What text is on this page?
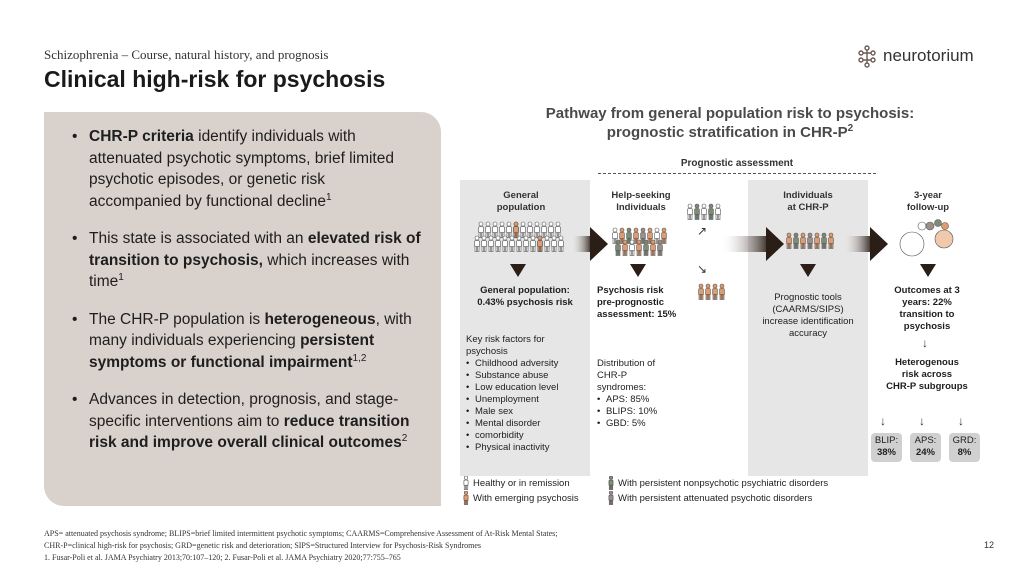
Schizophrenia – Course, natural history, and prognosis
Clinical high-risk for psychosis
neurotorium
• CHR-P criteria identify individuals with attenuated psychotic symptoms, brief limited psychotic episodes, or genetic risk accompanied by functional decline$^1$
• This state is associated with an elevated risk of transition to psychosis, which increases with time$^1$
• The CHR-P population is heterogeneous, with many individuals experiencing persistent symptoms or functional impairment$^{1,2}$
• Advances in detection, prognosis, and stage-specific interventions aim to reduce transition risk and improve overall clinical outcomes$^2$
Pathway from general population risk to psychosis:
prognostic stratification in CHR-$P^2$
Prognostic assessment
General
population
Help-seeking
Individuals
Individuals
at CHR-P
3-year
follow-up
↗
↘
General population:
0.43% psychosis risk
Key risk factors for
psychosis
• Childhood adversity
• Substance abuse
• Low education level
• Unemployment
• Male sex
• Mental disorder
• comorbidity
• Physical inactivity
Psychosis risk
pre-prognostic
assessment: 15%
Distribution of
CHR-P
syndromes:
• APS: 85%
• BLIPS: 10%
• GBD: 5%
Prognostic tools
(CAARMS/SIPS)
increase identification
accuracy
Outcomes at 3
years: 22%
transition to
psychosis
↓
Heterogenous
risk across
CHR-P subgroups
↓	↓	↓
BLIP:
38%
APS:
24%
GRD:
8%
Healthy or in remission	With persistent nonpsychotic psychiatric disorders
With emerging psychosis	With persistent attenuated psychotic disorders
APS= attenuated psychosis syndrome; BLIPS=brief limited intermittent psychotic symptoms; CAARMS=Comprehensive Assessment of At-Risk Mental States;
CHR-P=clinical high-risk for psychosis; GRD=genetic risk and deterioration; SIPS=Structured Interview for Psychosis-Risk Syndromes
1. Fusar-Poli et al. JAMA Psychiatry 2013;70:107–120; 2. Fusar-Poli et al. JAMA Psychiatry 2020;77:755–765
12
